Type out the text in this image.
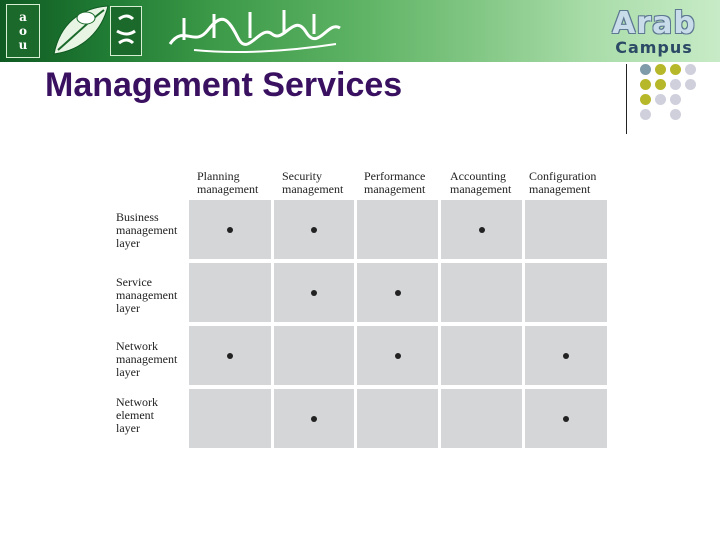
a
o
u
Arab
Campus
Management Services
Planning
management
Security
management
Performance
management
Accounting
management
Configuration
management
Business
management
layer
Service
management
layer
Network
management
layer
Network
element
layer
